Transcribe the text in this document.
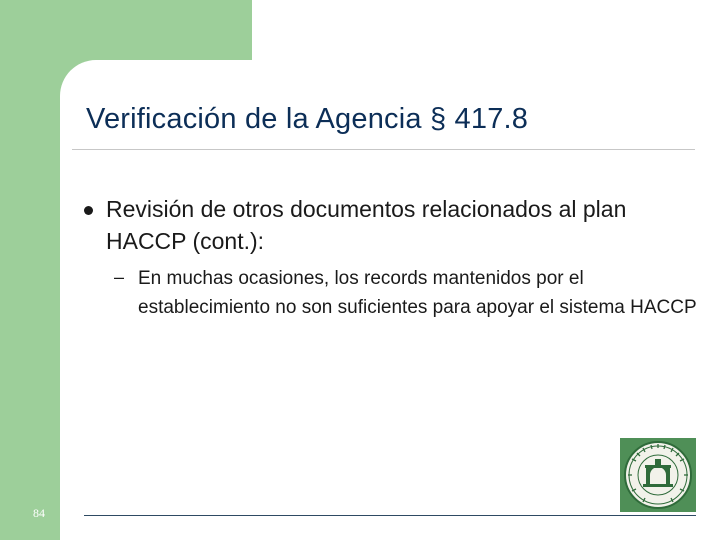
Verificación de la Agencia § 417.8
Revisión de otros documentos relacionados al plan HACCP (cont.):
– En muchas ocasiones, los records mantenidos por el establecimiento no son suficientes para apoyar el sistema HACCP
84
